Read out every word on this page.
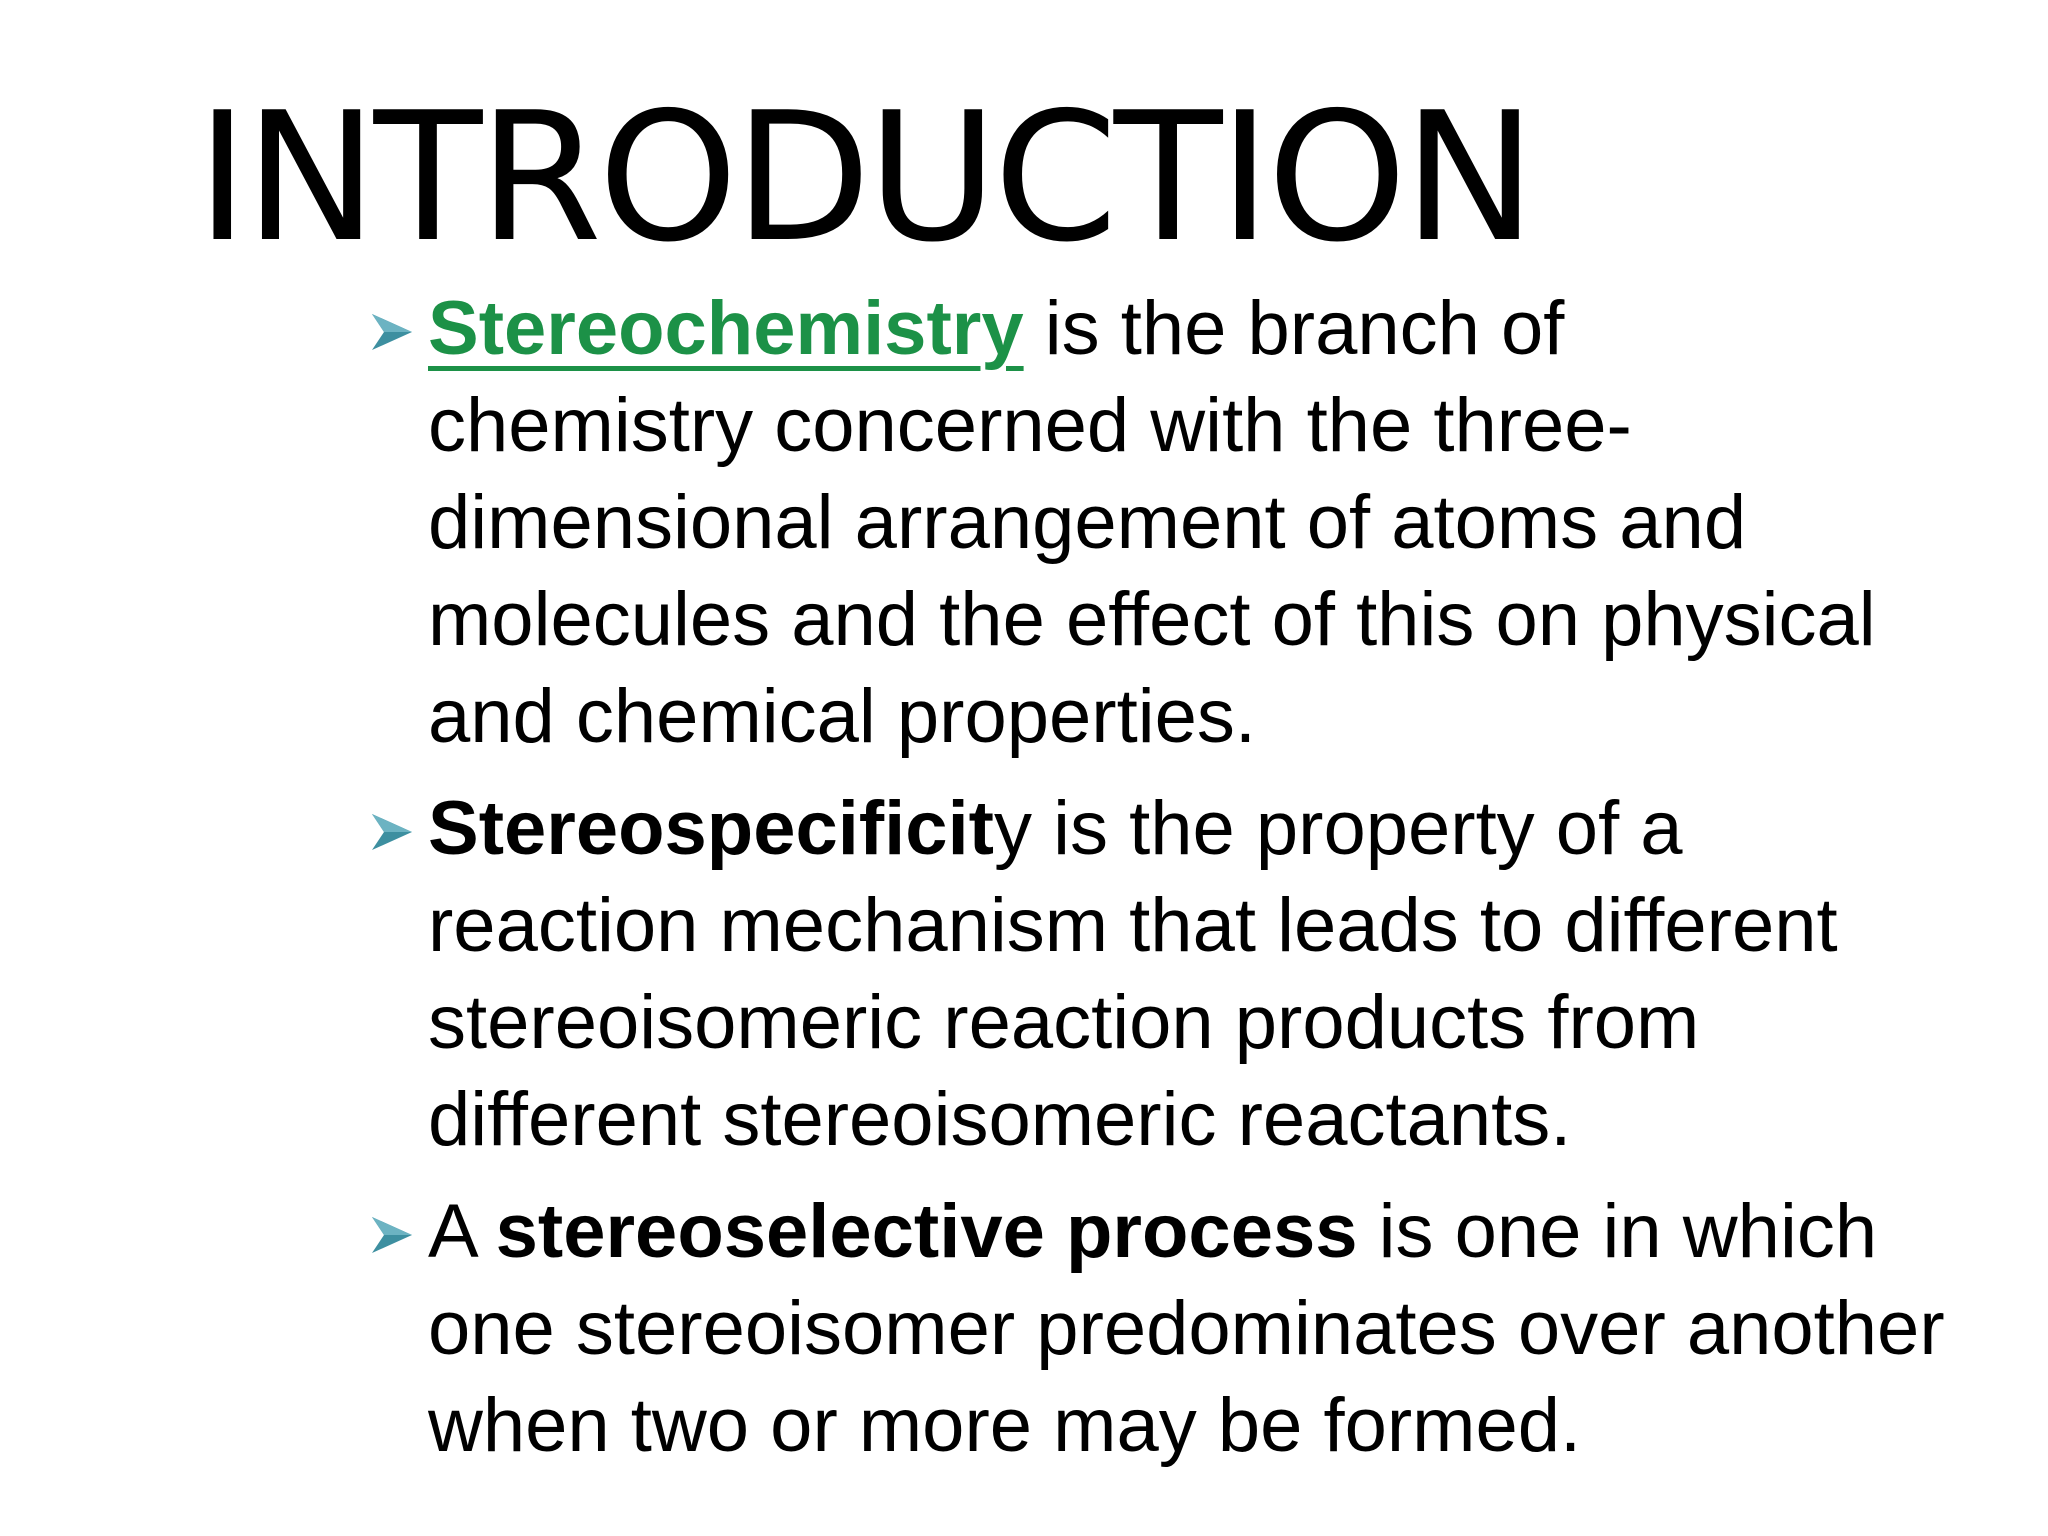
INTRODUCTION
Stereochemistry is the branch of chemistry concerned with the three-dimensional arrangement of atoms and molecules and the effect of this on physical and chemical properties.
Stereospecificity is the property of a reaction mechanism that leads to different stereoisomeric reaction products from different stereoisomeric reactants.
A stereoselective process is one in which one stereoisomer predominates over another when two or more may be formed.
